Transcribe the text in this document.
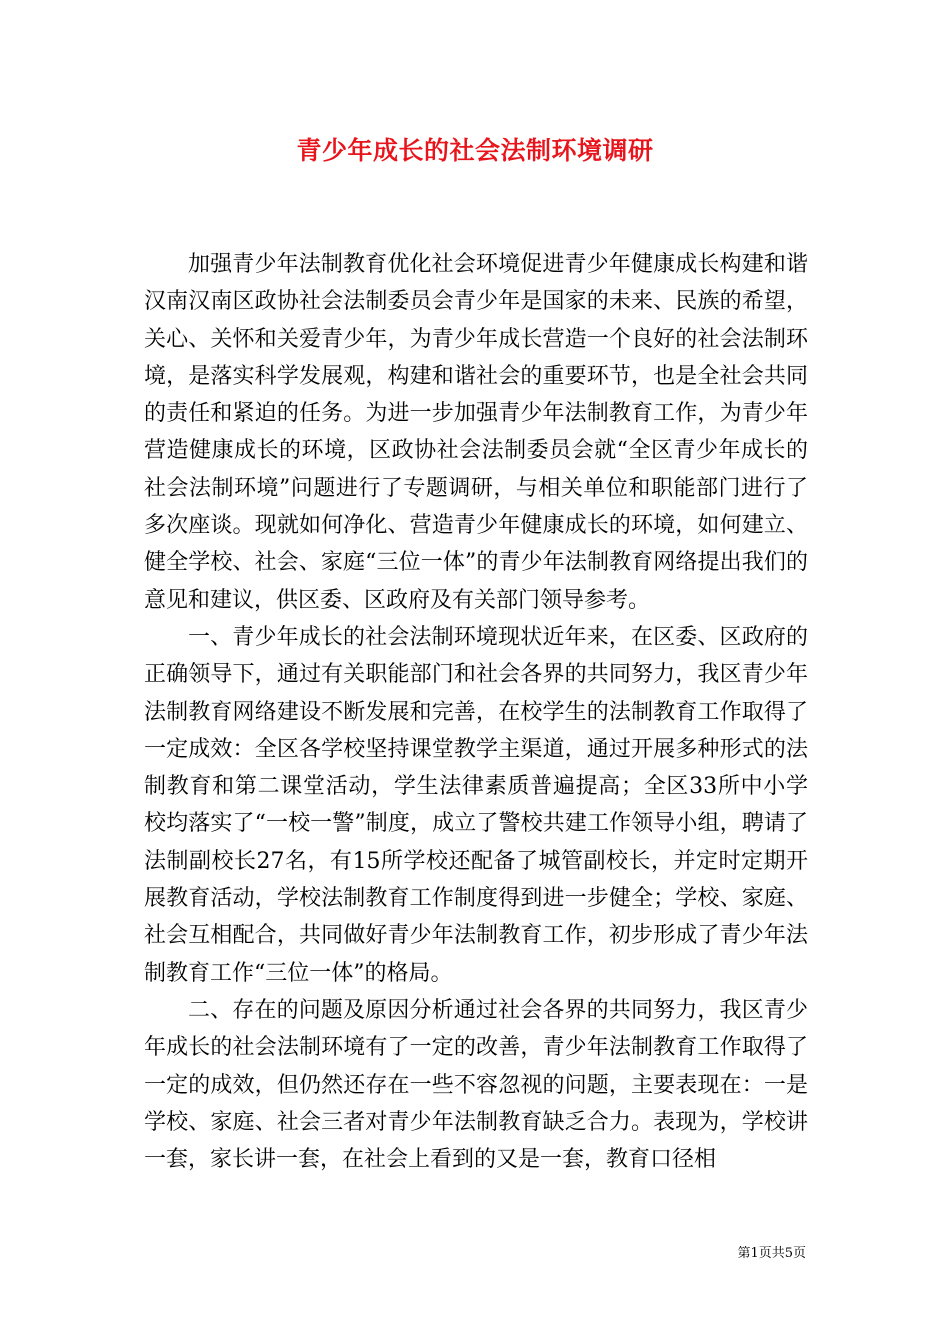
青少年成长的社会法制环境调研

加强青少年法制教育优化社会环境促进青少年健康成长构建和谐汉南汉南区政协社会法制委员会青少年是国家的未来、民族的希望，关心、关怀和关爱青少年，为青少年成长营造一个良好的社会法制环境，是落实科学发展观，构建和谐社会的重要环节，也是全社会共同的责任和紧迫的任务。为进一步加强青少年法制教育工作，为青少年营造健康成长的环境，区政协社会法制委员会就“全区青少年成长的社会法制环境”问题进行了专题调研，与相关单位和职能部门进行了多次座谈。现就如何净化、营造青少年健康成长的环境，如何建立、健全学校、社会、家庭“三位一体”的青少年法制教育网络提出我们的意见和建议，供区委、区政府及有关部门领导参考。

一、青少年成长的社会法制环境现状近年来，在区委、区政府的正确领导下，通过有关职能部门和社会各界的共同努力，我区青少年法制教育网络建设不断发展和完善，在校学生的法制教育工作取得了一定成效：全区各学校坚持课堂教学主渠道，通过开展多种形式的法制教育和第二课堂活动，学生法律素质普遍提高；全区33所中小学校均落实了“一校一警”制度，成立了警校共建工作领导小组，聘请了法制副校长27名，有15所学校还配备了城管副校长，并定时定期开展教育活动，学校法制教育工作制度得到进一步健全；学校、家庭、社会互相配合，共同做好青少年法制教育工作，初步形成了青少年法制教育工作“三位一体”的格局。

二、存在的问题及原因分析通过社会各界的共同努力，我区青少年成长的社会法制环境有了一定的改善，青少年法制教育工作取得了一定的成效，但仍然还存在一些不容忽视的问题，主要表现在：一是学校、家庭、社会三者对青少年法制教育缺乏合力。表现为，学校讲一套，家长讲一套，在社会上看到的又是一套，教育口径相

第1页共5页
